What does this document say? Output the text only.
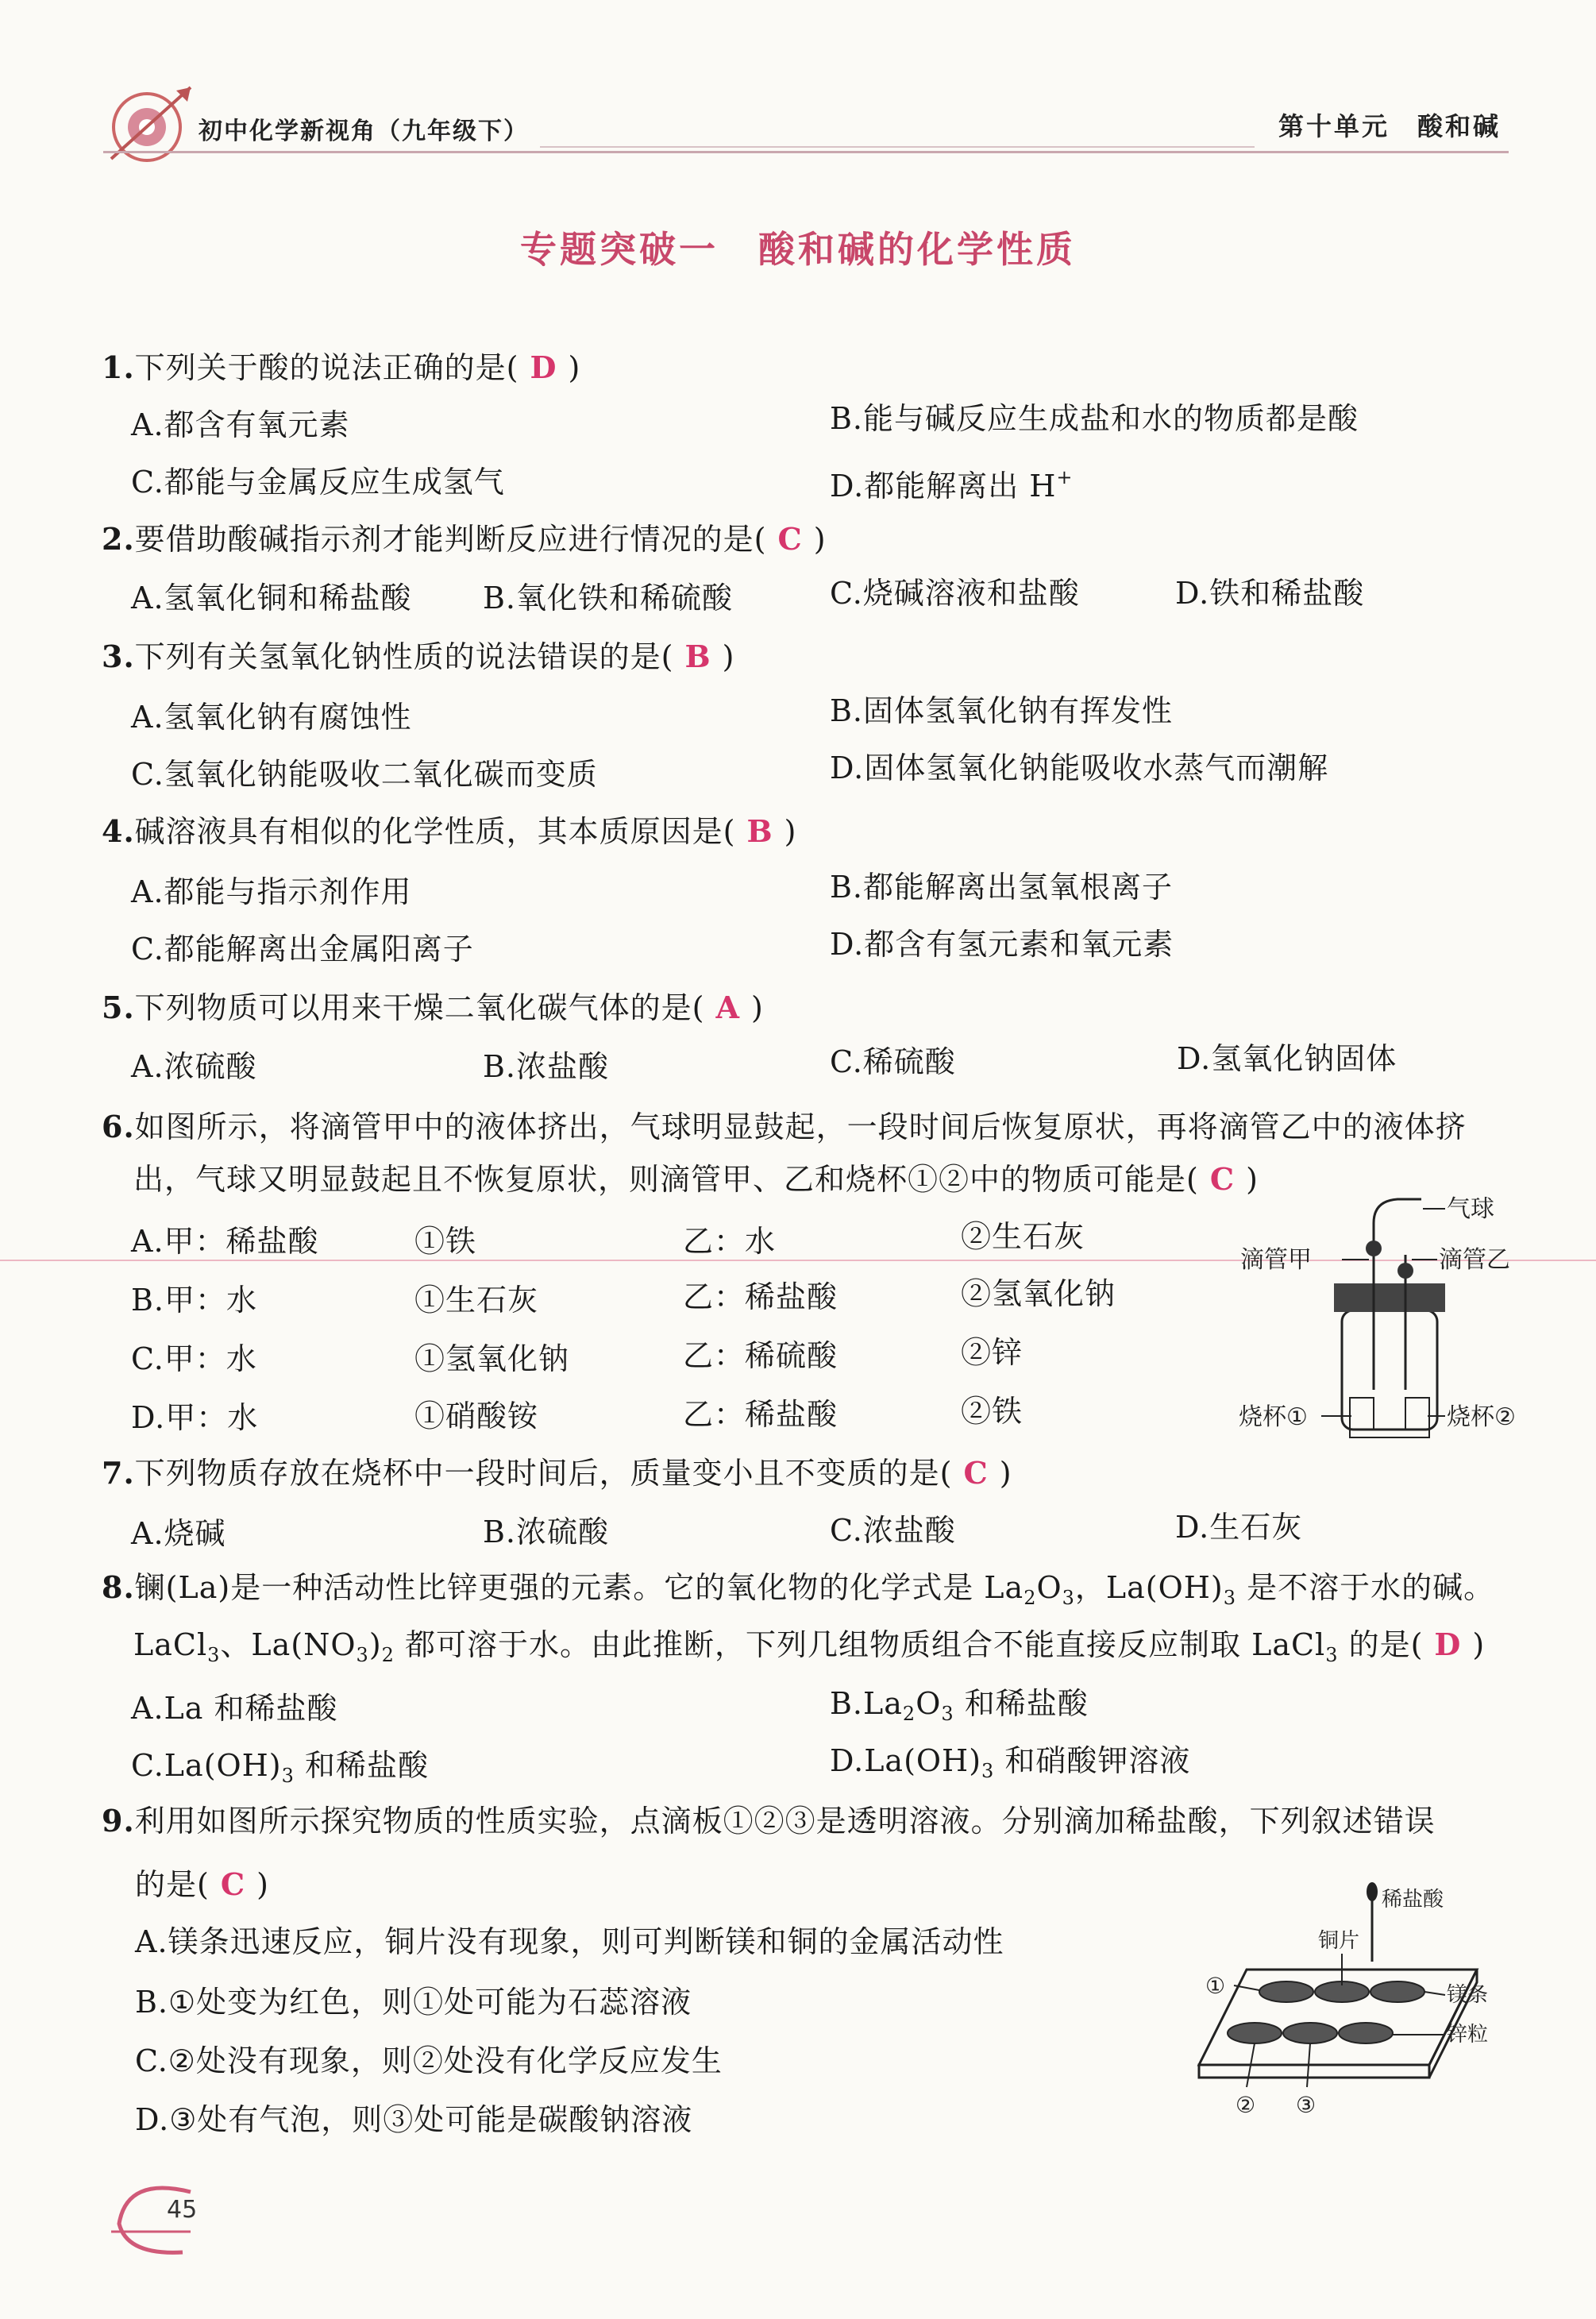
初中化学新视角（九年级下）	第十单元　酸和碱
专题突破一　酸和碱的化学性质
1.下列关于酸的说法正确的是( D )
A.都含有氧元素	B.能与碱反应生成盐和水的物质都是酸
C.都能与金属反应生成氢气	D.都能解离出 H+
2.要借助酸碱指示剂才能判断反应进行情况的是( C )
A.氢氧化铜和稀盐酸 B.氧化铁和稀硫酸	C.烧碱溶液和盐酸	D.铁和稀盐酸
3.下列有关氢氧化钠性质的说法错误的是( B )
A.氢氧化钠有腐蚀性	B.固体氢氧化钠有挥发性
C.氢氧化钠能吸收二氧化碳而变质	D.固体氢氧化钠能吸收水蒸气而潮解
4.碱溶液具有相似的化学性质，其本质原因是( B )
A.都能与指示剂作用	B.都能解离出氢氧根离子
C.都能解离出金属阳离子	D.都含有氢元素和氧元素
5.下列物质可以用来干燥二氧化碳气体的是( A )
A.浓硫酸	B.浓盐酸	C.稀硫酸	D.氢氧化钠固体
6.如图所示，将滴管甲中的液体挤出，气球明显鼓起，一段时间后恢复原状，再将滴管乙中的液体挤
出，气球又明显鼓起且不恢复原状，则滴管甲、乙和烧杯①②中的物质可能是( C )
A.甲：稀盐酸	①铁	乙：水	②生石灰
B.甲：水	①生石灰	乙：稀盐酸	②氢氧化钠
C.甲：水	①氢氧化钠	乙：稀硫酸	②锌
D.甲：水	①硝酸铵	乙：稀盐酸	②铁
气球
滴管甲	滴管乙
烧杯①	烧杯②
7.下列物质存放在烧杯中一段时间后，质量变小且不变质的是( C )
A.烧碱	B.浓硫酸	C.浓盐酸	D.生石灰
8.镧(La)是一种活动性比锌更强的元素。它的氧化物的化学式是 $La_2O_3$，$La(OH)_3$ 是不溶于水的碱。
LaCl$_3$、$La(NO_3)_2$ 都可溶于水。由此推断，下列几组物质组合不能直接反应制取 LaCl$_3$ 的是( D )
A.La 和稀盐酸	$B.La_2O_3$ 和稀盐酸
$C.La(OH)_3$ 和稀盐酸	$D.La(OH)_3$ 和硝酸钾溶液
9.利用如图所示探究物质的性质实验，点滴板①②③是透明溶液。分别滴加稀盐酸，下列叙述错误
的是( C )
A.镁条迅速反应，铜片没有现象，则可判断镁和铜的金属活动性
B.①处变为红色，则①处可能为石蕊溶液
C.②处没有现象，则②处没有化学反应发生
D.③处有气泡，则③处可能是碳酸钠溶液
稀盐酸
铜片
镁条
锌粒
①
② ③
45
